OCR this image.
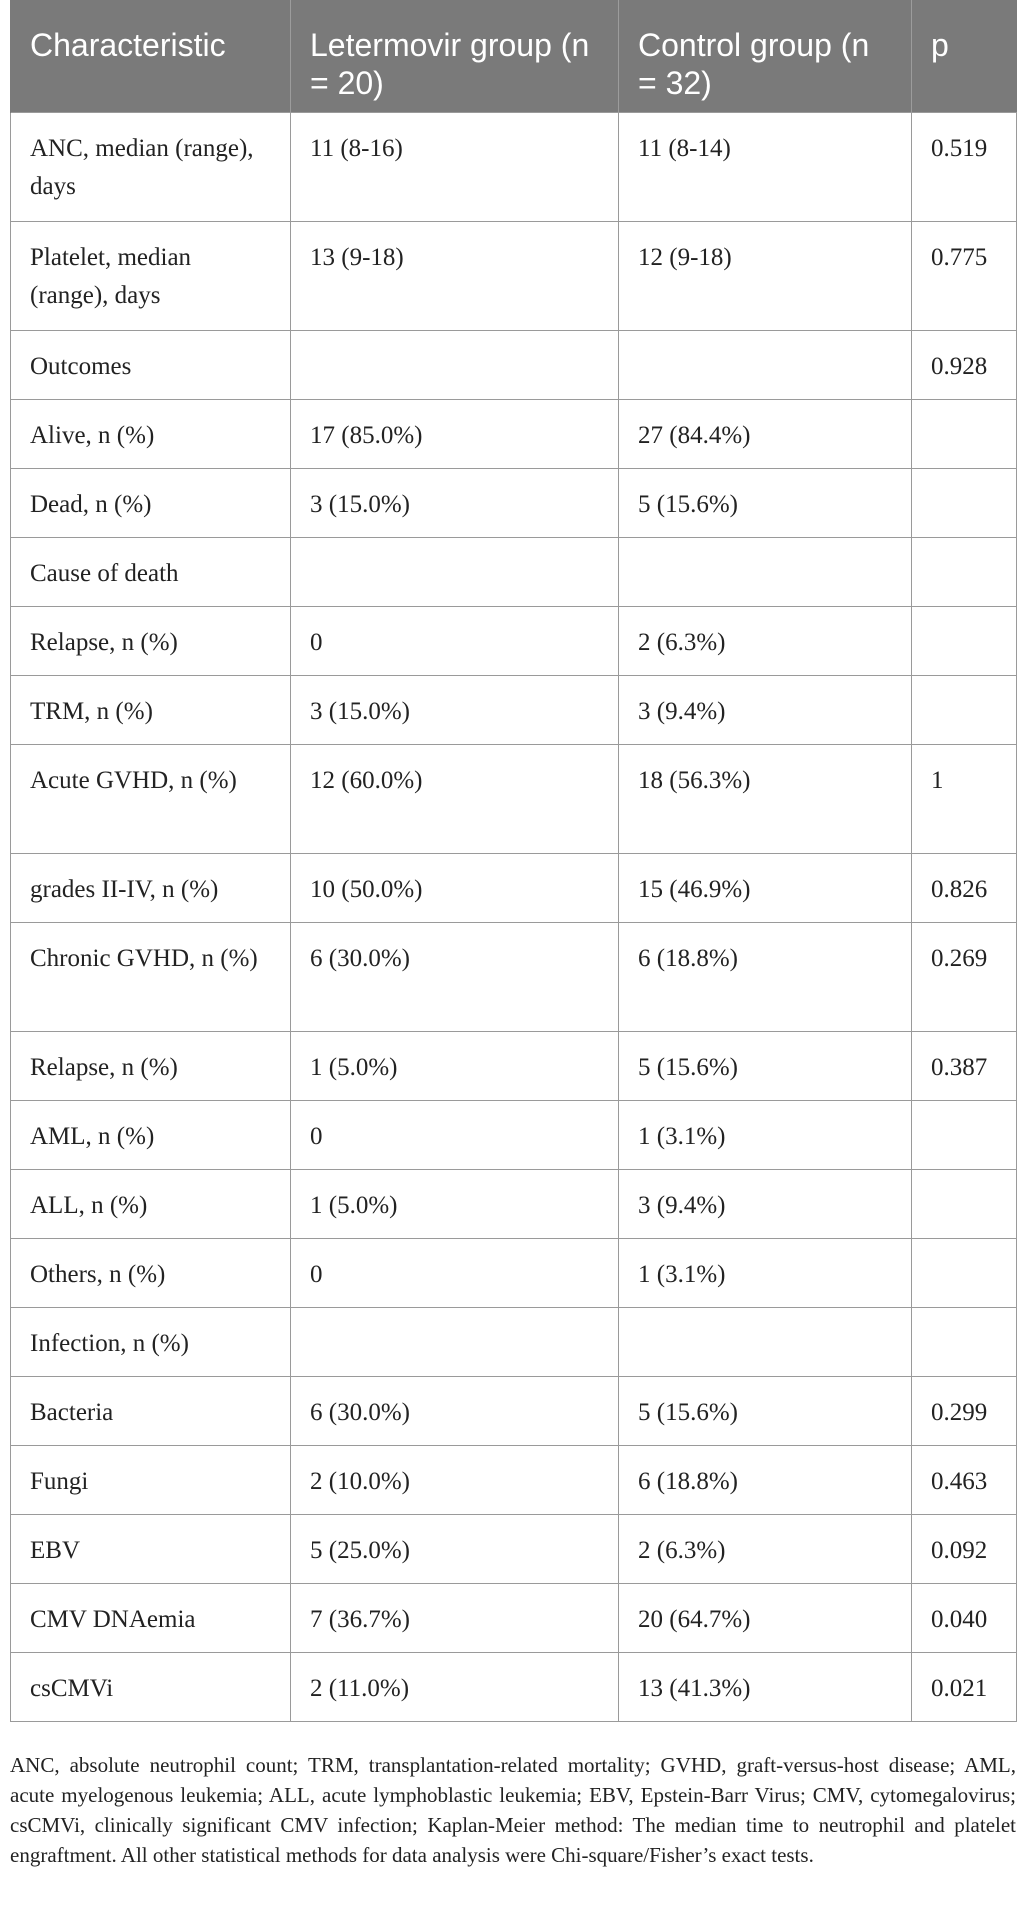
Characteristic	Letermovir group (n = 20)	Control group (n = 32)	p
ANC, median (range), days	11 (8-16)	11 (8-14)	0.519
Platelet, median (range), days	13 (9-18)	12 (9-18)	0.775
Outcomes			0.928
Alive, n (%)	17 (85.0%)	27 (84.4%)	
Dead, n (%)	3 (15.0%)	5 (15.6%)	
Cause of death			
Relapse, n (%)	0	2 (6.3%)	
TRM, n (%)	3 (15.0%)	3 (9.4%)	
Acute GVHD, n (%)	12 (60.0%)	18 (56.3%)	1
grades II-IV, n (%)	10 (50.0%)	15 (46.9%)	0.826
Chronic GVHD, n (%)	6 (30.0%)	6 (18.8%)	0.269
Relapse, n (%)	1 (5.0%)	5 (15.6%)	0.387
AML, n (%)	0	1 (3.1%)	
ALL, n (%)	1 (5.0%)	3 (9.4%)	
Others, n (%)	0	1 (3.1%)	
Infection, n (%)			
Bacteria	6 (30.0%)	5 (15.6%)	0.299
Fungi	2 (10.0%)	6 (18.8%)	0.463
EBV	5 (25.0%)	2 (6.3%)	0.092
CMV DNAemia	7 (36.7%)	20 (64.7%)	0.040
csCMVi	2 (11.0%)	13 (41.3%)	0.021
ANC, absolute neutrophil count; TRM, transplantation-related mortality; GVHD, graft-versus-host disease; AML, acute myelogenous leukemia; ALL, acute lymphoblastic leukemia; EBV, Epstein-Barr Virus; CMV, cytomegalovirus; csCMVi, clinically significant CMV infection; Kaplan-Meier method: The median time to neutrophil and platelet engraftment. All other statistical methods for data analysis were Chi-square/Fisher’s exact tests.
